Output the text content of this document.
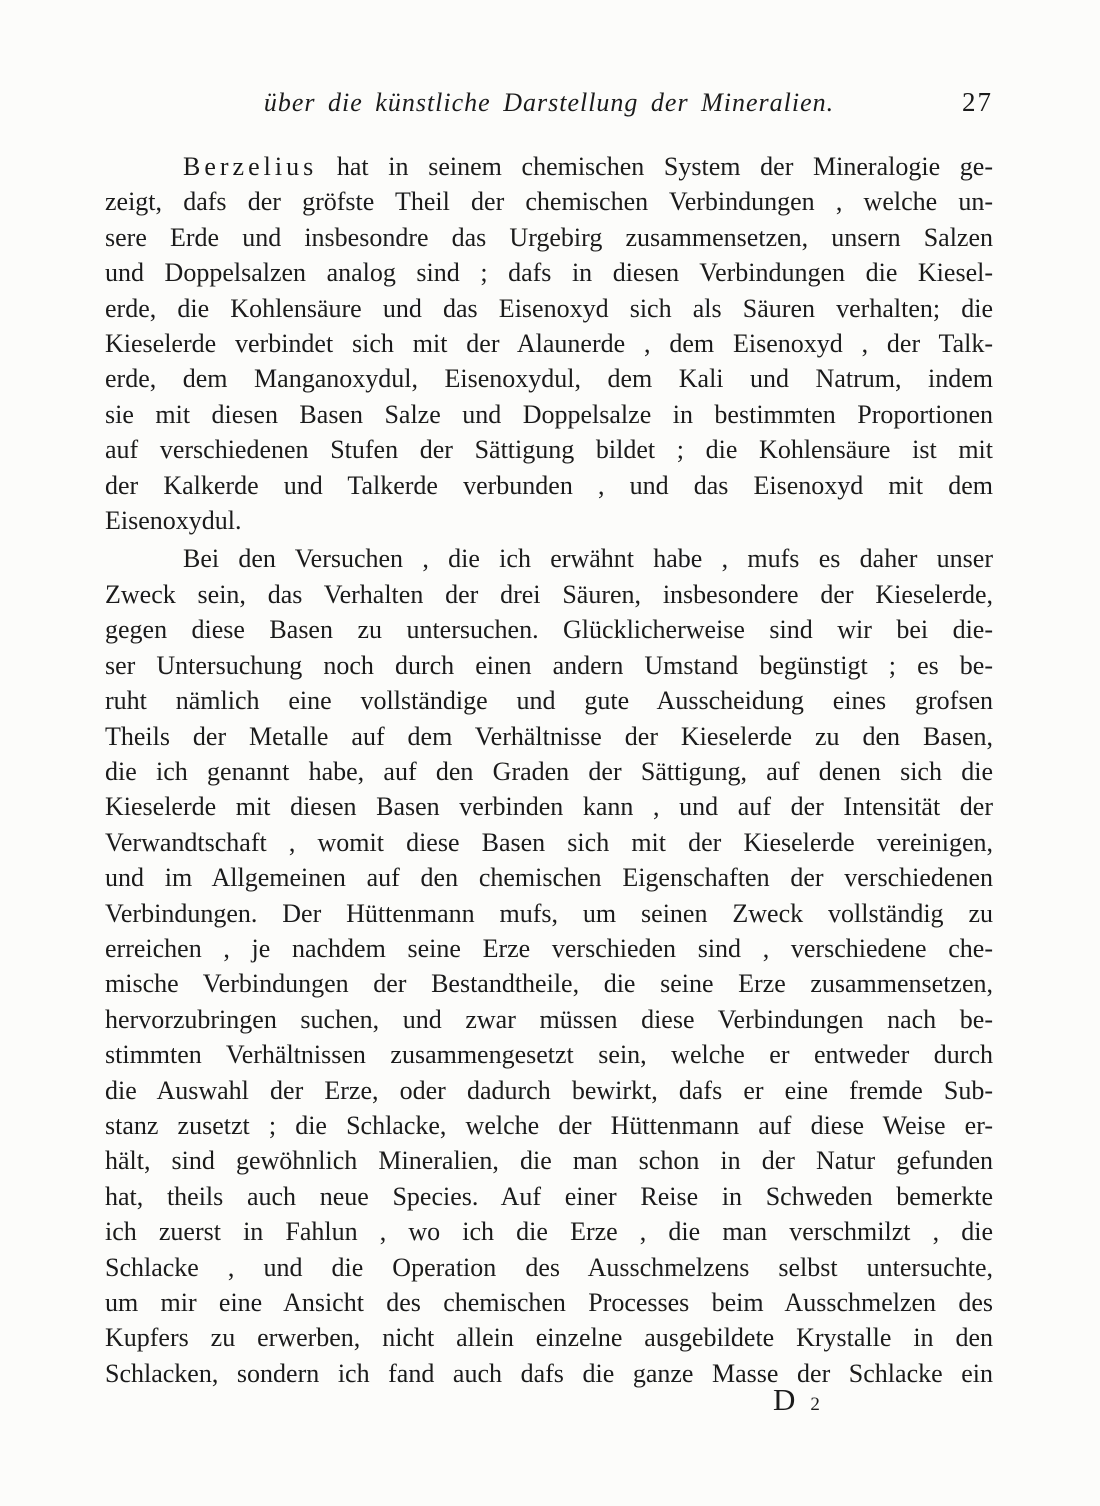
über die künstliche Darstellung der Mineralien.	27
Berzelius hat in seinem chemischen System der Mineralogie ge-
zeigt, dafs der gröfste Theil der chemischen Verbindungen , welche un-
sere Erde und insbesondre das Urgebirg zusammensetzen, unsern Salzen
und Doppelsalzen analog sind ; dafs in diesen Verbindungen die Kiesel-
erde, die Kohlensäure und das Eisenoxyd sich als Säuren verhalten; die
Kieselerde verbindet sich mit der Alaunerde , dem Eisenoxyd , der Talk-
erde, dem Manganoxydul, Eisenoxydul, dem Kali und Natrum, indem
sie mit diesen Basen Salze und Doppelsalze in bestimmten Proportionen
auf verschiedenen Stufen der Sättigung bildet ; die Kohlensäure ist mit
der Kalkerde und Talkerde verbunden , und das Eisenoxyd mit dem
Eisenoxydul.
Bei den Versuchen , die ich erwähnt habe , mufs es daher unser
Zweck sein, das Verhalten der drei Säuren, insbesondere der Kieselerde,
gegen diese Basen zu untersuchen. Glücklicherweise sind wir bei die-
ser Untersuchung noch durch einen andern Umstand begünstigt ; es be-
ruht nämlich eine vollständige und gute Ausscheidung eines grofsen
Theils der Metalle auf dem Verhältnisse der Kieselerde zu den Basen,
die ich genannt habe, auf den Graden der Sättigung, auf denen sich die
Kieselerde mit diesen Basen verbinden kann , und auf der Intensität der
Verwandtschaft , womit diese Basen sich mit der Kieselerde vereinigen,
und im Allgemeinen auf den chemischen Eigenschaften der verschiedenen
Verbindungen. Der Hüttenmann mufs, um seinen Zweck vollständig zu
erreichen , je nachdem seine Erze verschieden sind , verschiedene che-
mische Verbindungen der Bestandtheile, die seine Erze zusammensetzen,
hervorzubringen suchen, und zwar müssen diese Verbindungen nach be-
stimmten Verhältnissen zusammengesetzt sein, welche er entweder durch
die Auswahl der Erze, oder dadurch bewirkt, dafs er eine fremde Sub-
stanz zusetzt ; die Schlacke, welche der Hüttenmann auf diese Weise er-
hält, sind gewöhnlich Mineralien, die man schon in der Natur gefunden
hat, theils auch neue Species. Auf einer Reise in Schweden bemerkte
ich zuerst in Fahlun , wo ich die Erze , die man verschmilzt , die
Schlacke , und die Operation des Ausschmelzens selbst untersuchte,
um mir eine Ansicht des chemischen Processes beim Ausschmelzen des
Kupfers zu erwerben, nicht allein einzelne ausgebildete Krystalle in den
Schlacken, sondern ich fand auch dafs die ganze Masse der Schlacke ein
D 2
